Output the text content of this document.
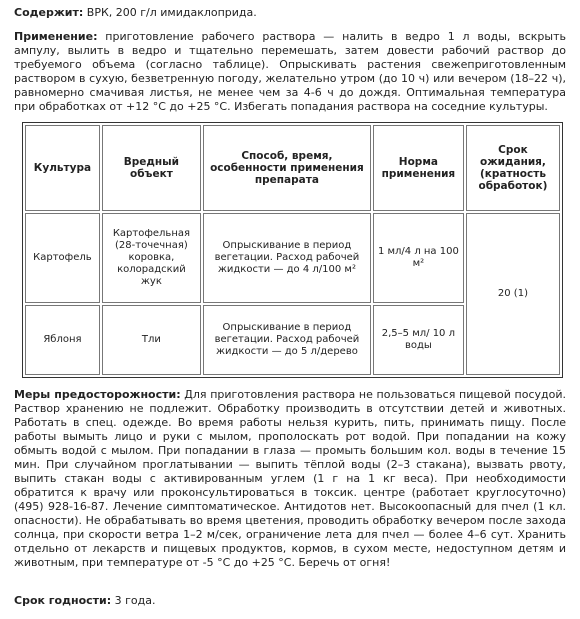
Содержит: ВРК, 200 г/л имидаклоприда.
Применение: приготовление рабочего раствора — налить в ведро 1 л воды, вскрыть ампулу, вылить в ведро и тщательно перемешать, затем довести рабочий раствор до требуемого объема (согласно таблице). Опрыскивать растения свежеприготовленным раствором в сухую, безветренную погоду, желательно утром (до 10 ч) или вечером (18–22 ч), равномерно смачивая листья, не менее чем за 4-6 ч до дождя. Оптимальная температура при обработках от +12 °С до +25 °С. Избегать попадания раствора на соседние культуры.
Культура	Вредный объект	Способ, время, особенности применения препарата	Норма применения	Срок ожидания, (кратность обработок)
Картофель	Картофельная (28-точечная) коровка, колорадский жук	Опрыскивание в период вегетации. Расход рабочей жидкости — до 4 л/100 м²	1 мл/4 л на 100 м²	20 (1)
Яблоня	Тли	Опрыскивание в период вегетации. Расход рабочей жидкости — до 5 л/дерево	2,5–5 мл/ 10 л воды	
Меры предосторожности: Для приготовления раствора не пользоваться пищевой посудой. Раствор хранению не подлежит. Обработку производить в отсутствии детей и животных. Работать в спец. одежде. Во время работы нельзя курить, пить, принимать пищу. После работы вымыть лицо и руки с мылом, прополоскать рот водой. При попадании на кожу обмыть водой с мылом. При попадании в глаза — промыть большим кол. воды в течение 15 мин. При случайном проглатывании — выпить тёплой воды (2–3 стакана), вызвать рвоту, выпить стакан воды с активированным углем (1 г на 1 кг веса). При необходимости обратится к врачу или проконсультироваться в токсик. центре (работает круглосуточно) (495) 928-16-87. Лечение симптоматическое. Антидотов нет. Высокоопасный для пчел (1 кл. опасности). Не обрабатывать во время цветения, проводить обработку вечером после захода солнца, при скорости ветра 1–2 м/сек, ограничение лета для пчел — более 4–6 сут. Хранить отдельно от лекарств и пищевых продуктов, кормов, в сухом месте, недоступном детям и животным, при температуре от -5 °С до +25 °С. Беречь от огня!
Срок годности: 3 года.
